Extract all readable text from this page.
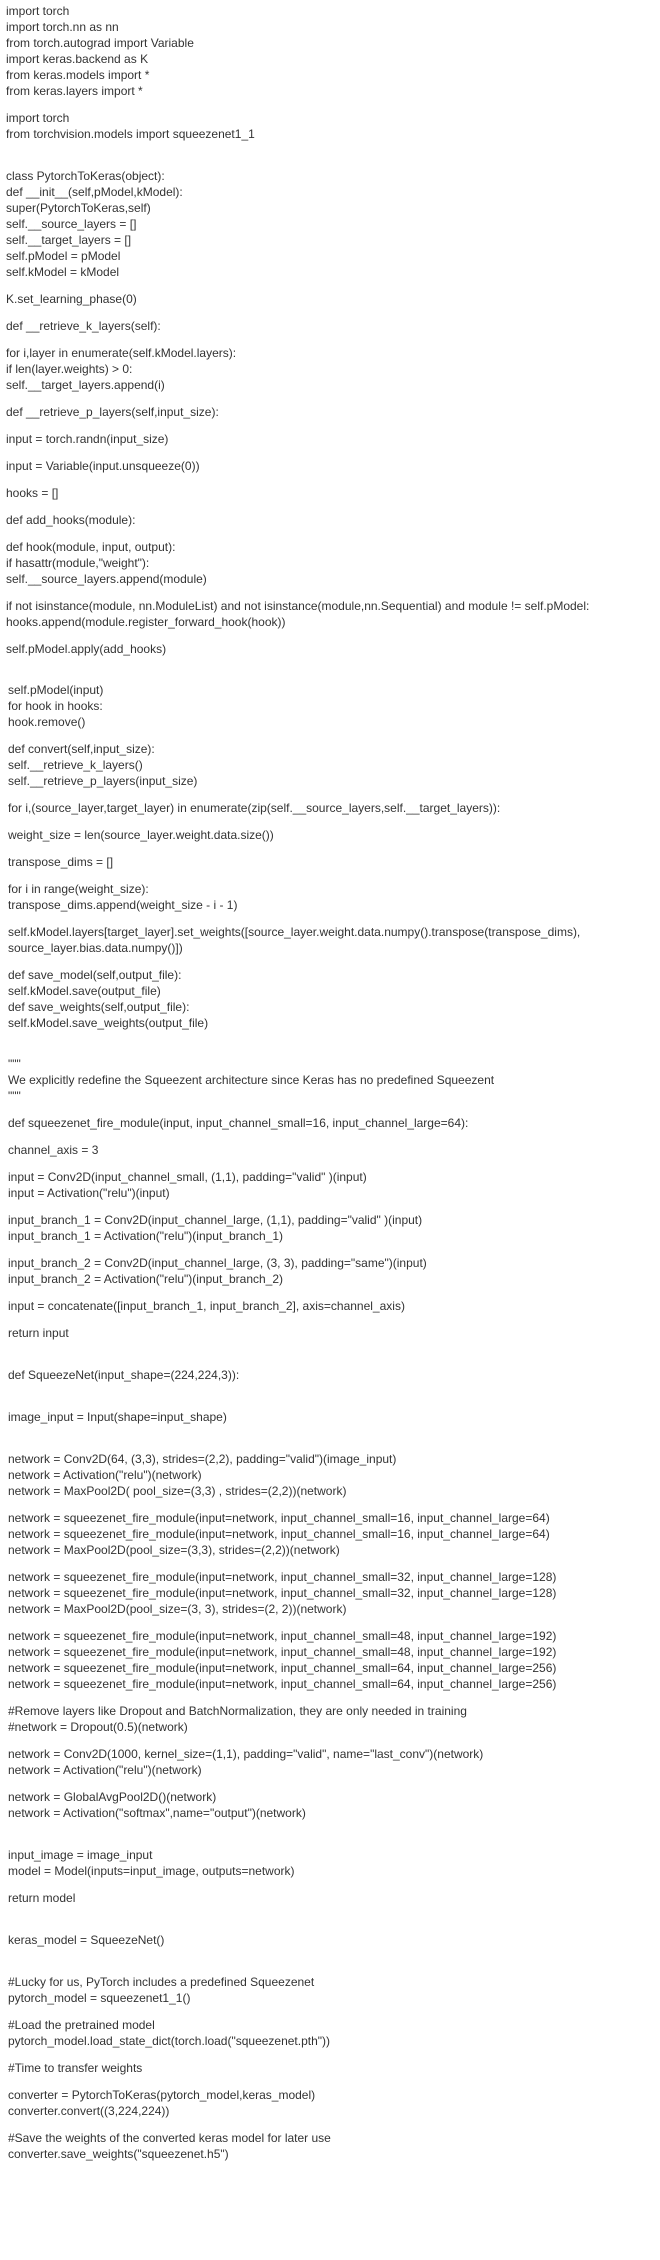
import torch

import torch.nn as nn

from torch.autograd import Variable

import keras.backend as K

from keras.models import *

from keras.layers import *

import torch

from torchvision.models import squeezenet1_1

class PytorchToKeras(object):

def __init__(self,pModel,kModel):

super(PytorchToKeras,self)

self.__source_layers = []

self.__target_layers = []

self.pModel = pModel

self.kModel = kModel

K.set_learning_phase(0)

def __retrieve_k_layers(self):

for i,layer in enumerate(self.kModel.layers):

if len(layer.weights) > 0:

self.__target_layers.append(i)

def __retrieve_p_layers(self,input_size):

input = torch.randn(input_size)

input = Variable(input.unsqueeze(0))

hooks = []

def add_hooks(module):

def hook(module, input, output):

if hasattr(module,"weight"):

self.__source_layers.append(module)

if not isinstance(module, nn.ModuleList) and not isinstance(module,nn.Sequential) and module != self.pModel:

hooks.append(module.register_forward_hook(hook))

self.pModel.apply(add_hooks)

self.pModel(input)

for hook in hooks:

hook.remove()

def convert(self,input_size):

self.__retrieve_k_layers()

self.__retrieve_p_layers(input_size)

for i,(source_layer,target_layer) in enumerate(zip(self.__source_layers,self.__target_layers)):

weight_size = len(source_layer.weight.data.size())

transpose_dims = []

for i in range(weight_size):

transpose_dims.append(weight_size - i - 1)

self.kModel.layers[target_layer].set_weights([source_layer.weight.data.numpy().transpose(transpose_dims),

source_layer.bias.data.numpy()])

def save_model(self,output_file):

self.kModel.save(output_file)

def save_weights(self,output_file):

self.kModel.save_weights(output_file)

"""

We explicitly redefine the Squeezent architecture since Keras has no predefined Squeezent

"""

def squeezenet_fire_module(input, input_channel_small=16, input_channel_large=64):

channel_axis = 3

input = Conv2D(input_channel_small, (1,1), padding="valid" )(input)

input = Activation("relu")(input)

input_branch_1 = Conv2D(input_channel_large, (1,1), padding="valid" )(input)

input_branch_1 = Activation("relu")(input_branch_1)

input_branch_2 = Conv2D(input_channel_large, (3, 3), padding="same")(input)

input_branch_2 = Activation("relu")(input_branch_2)

input = concatenate([input_branch_1, input_branch_2], axis=channel_axis)

return input

def SqueezeNet(input_shape=(224,224,3)):

image_input = Input(shape=input_shape)

network = Conv2D(64, (3,3), strides=(2,2), padding="valid")(image_input)

network = Activation("relu")(network)

network = MaxPool2D( pool_size=(3,3) , strides=(2,2))(network)

network = squeezenet_fire_module(input=network, input_channel_small=16, input_channel_large=64)

network = squeezenet_fire_module(input=network, input_channel_small=16, input_channel_large=64)

network = MaxPool2D(pool_size=(3,3), strides=(2,2))(network)

network = squeezenet_fire_module(input=network, input_channel_small=32, input_channel_large=128)

network = squeezenet_fire_module(input=network, input_channel_small=32, input_channel_large=128)

network = MaxPool2D(pool_size=(3, 3), strides=(2, 2))(network)

network = squeezenet_fire_module(input=network, input_channel_small=48, input_channel_large=192)

network = squeezenet_fire_module(input=network, input_channel_small=48, input_channel_large=192)

network = squeezenet_fire_module(input=network, input_channel_small=64, input_channel_large=256)

network = squeezenet_fire_module(input=network, input_channel_small=64, input_channel_large=256)

#Remove layers like Dropout and BatchNormalization, they are only needed in training

#network = Dropout(0.5)(network)

network = Conv2D(1000, kernel_size=(1,1), padding="valid", name="last_conv")(network)

network = Activation("relu")(network)

network = GlobalAvgPool2D()(network)

network = Activation("softmax",name="output")(network)

input_image = image_input

model = Model(inputs=input_image, outputs=network)

return model

keras_model = SqueezeNet()

#Lucky for us, PyTorch includes a predefined Squeezenet

pytorch_model = squeezenet1_1()

#Load the pretrained model

pytorch_model.load_state_dict(torch.load("squeezenet.pth"))

#Time to transfer weights

converter = PytorchToKeras(pytorch_model,keras_model)

converter.convert((3,224,224))

#Save the weights of the converted keras model for later use

converter.save_weights("squeezenet.h5")
